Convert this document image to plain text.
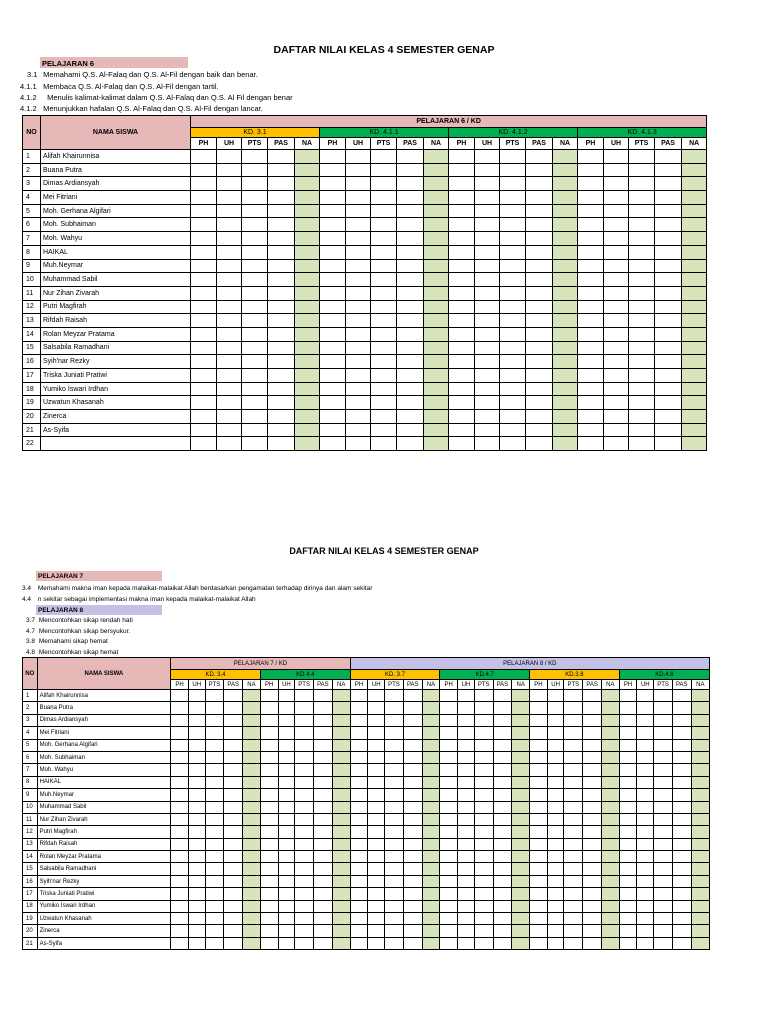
DAFTAR NILAI KELAS 4 SEMESTER GENAP
PELAJARAN 6
3.1 Memahami Q.S. Al-Falaq dan Q.S. Al-Fil dengan baik dan benar.
4.1.1 Membaca Q.S. Al-Falaq dan Q.S. Al-Fil dengan tartil.
4.1.2 Menulis kalimat-kalimat dalam Q.S. Al-Falaq dan Q.S. Al Fil dengan benar
4.1.2 Menunjukkan hafalan Q.S. Al-Falaq dan Q.S. Al-Fil dengan lancar.
NO	NAMA SISWA	PELAJARAN 6 / KD																			
		KD. 3.1					KD. 4.1.1					KD. 4.1.2					KD. 4.1.3				
		PH	UH	PTS	PAS	NA	PH	UH	PTS	PAS	NA	PH	UH	PTS	PAS	NA	PH	UH	PTS	PAS	NA
1	Alifah Khairunnisa																				
2	Buana Putra																				
3	Dimas Ardiansyah																				
4	Mei Fitriani																				
5	Moh. Gerhana Algifari																				
6	Moh. Subhaiman																				
7	Moh. Wahyu																				
8	HAIKAL																				
9	Muh.Neymar																				
10	Muhammad Sabil																				
11	Nur Zihan Zivarah																				
12	Putri Magfirah																				
13	Rifdah Raisah																				
14	Rolan Meyzar Pratama																				
15	Salsabila Ramadhani																				
16	Syih'nar Rezky																				
17	Triska Juniati Pratiwi																				
18	Yumiko Iswari Irdhan																				
19	Uzwatun Khasanah																				
20	Zinerca																				
21	As-Syifa																				
22																					
DAFTAR NILAI KELAS 4 SEMESTER GENAP
PELAJARAN 7
3.4 Memahami makna iman kepada malaikat-malaikat Allah berdasarkan pengamatan terhadap dirinya dan alam sekitar
4.4 n sekitar sebagai implementasi makna iman kepada malaikat-malaikat Allah
PELAJARAN 8
3.7 Mencontohkan sikap rendah hati
4.7 Mencontohkan sikap bersyukur.
3.8 Memahami sikap hemat
4.8 Mencontohkan sikap hemat
NO	NAMA SISWA	PELAJARAN 7 / KD										PELAJARAN 8 / KD																			
		KD. 3.4					KD.4.4					KD. 3.7					KD.4.7					KD.3.8					KD.4.8				
		PH	UH	PTS	PAS	NA	PH	UH	PTS	PAS	NA	PH	UH	PTS	PAS	NA	PH	UH	PTS	PAS	NA	PH	UH	PTS	PAS	NA	PH	UH	PTS	PAS	NA
1	Alifah Khairunnisa																														
2	Buana Putra																														
3	Dimas Ardiansyah																														
4	Mei Fitriani																														
5	Moh. Gerhana Algifari																														
6	Moh. Subhaiman																														
7	Moh. Wahyu																														
8	HAIKAL																														
9	Muh.Neymar																														
10	Muhammad Sabil																														
11	Nur Zihan Zivarah																														
12	Putri Magfirah																														
13	Rifdah Raisah																														
14	Rolan Meyzar Pratama																														
15	Salsabila Ramadhani																														
16	Syih'nar Rezky																														
17	Triska Juniati Pratiwi																														
18	Yumiko Iswari Irdhan																														
19	Uzwatun Khasanah																														
20	Zinerca																														
21	As-Syifa																														
